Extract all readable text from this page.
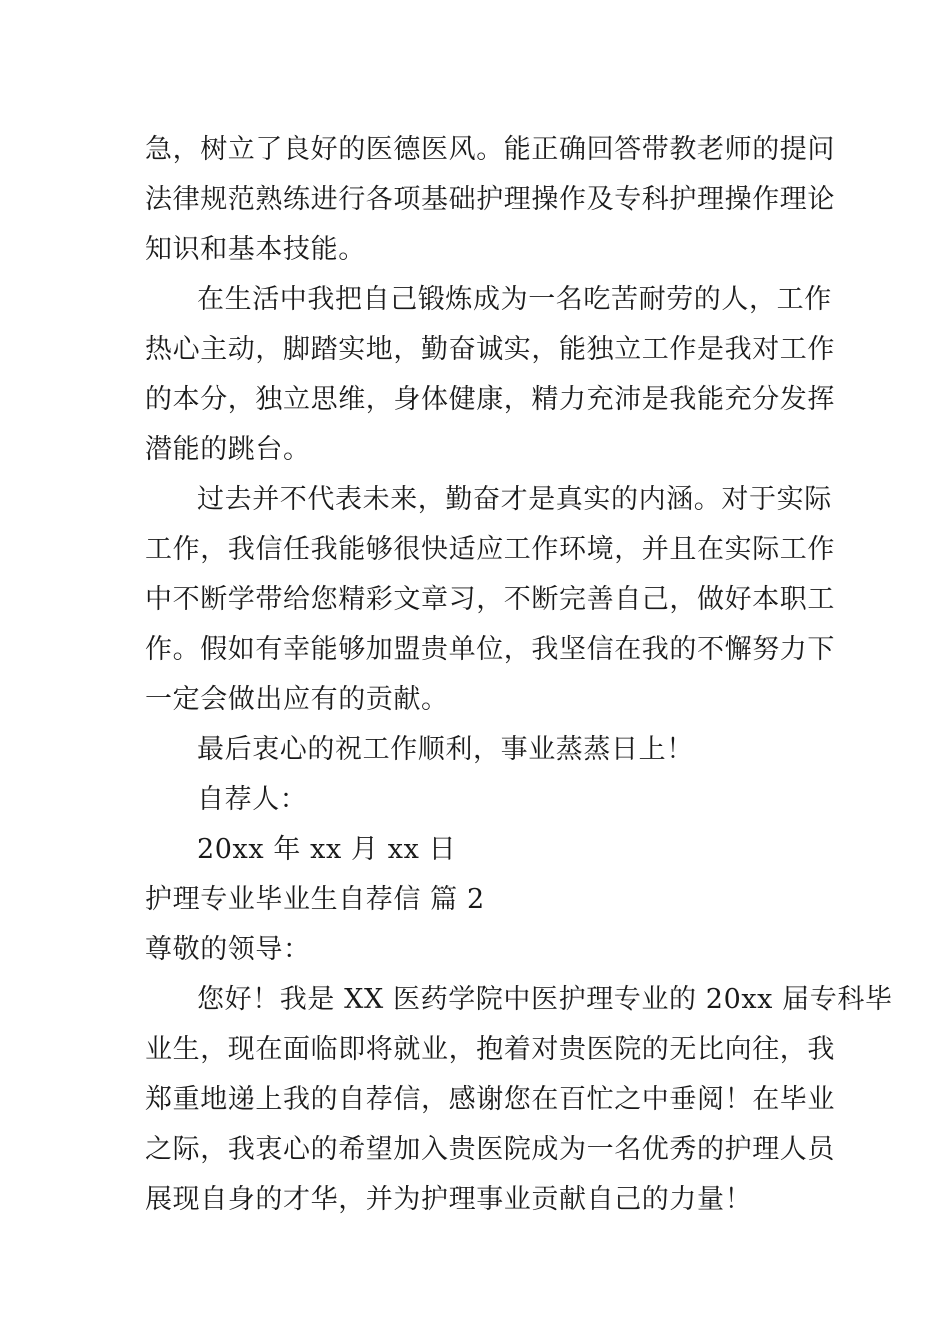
急，树立了良好的医德医风。能正确回答带教老师的提问
法律规范熟练进行各项基础护理操作及专科护理操作理论
知识和基本技能。
在生活中我把自己锻炼成为一名吃苦耐劳的人，工作
热心主动，脚踏实地，勤奋诚实，能独立工作是我对工作
的本分，独立思维，身体健康，精力充沛是我能充分发挥
潜能的跳台。
过去并不代表未来，勤奋才是真实的内涵。对于实际
工作，我信任我能够很快适应工作环境，并且在实际工作
中不断学带给您精彩文章习，不断完善自己，做好本职工
作。假如有幸能够加盟贵单位，我坚信在我的不懈努力下
一定会做出应有的贡献。
最后衷心的祝工作顺利，事业蒸蒸日上！
自荐人：
20xx 年 xx 月 xx 日
护理专业毕业生自荐信 篇 2
尊敬的领导：
您好！我是 XX 医药学院中医护理专业的 20xx 届专科毕
业生，现在面临即将就业，抱着对贵医院的无比向往，我
郑重地递上我的自荐信，感谢您在百忙之中垂阅！在毕业
之际，我衷心的希望加入贵医院成为一名优秀的护理人员
展现自身的才华，并为护理事业贡献自己的力量！
